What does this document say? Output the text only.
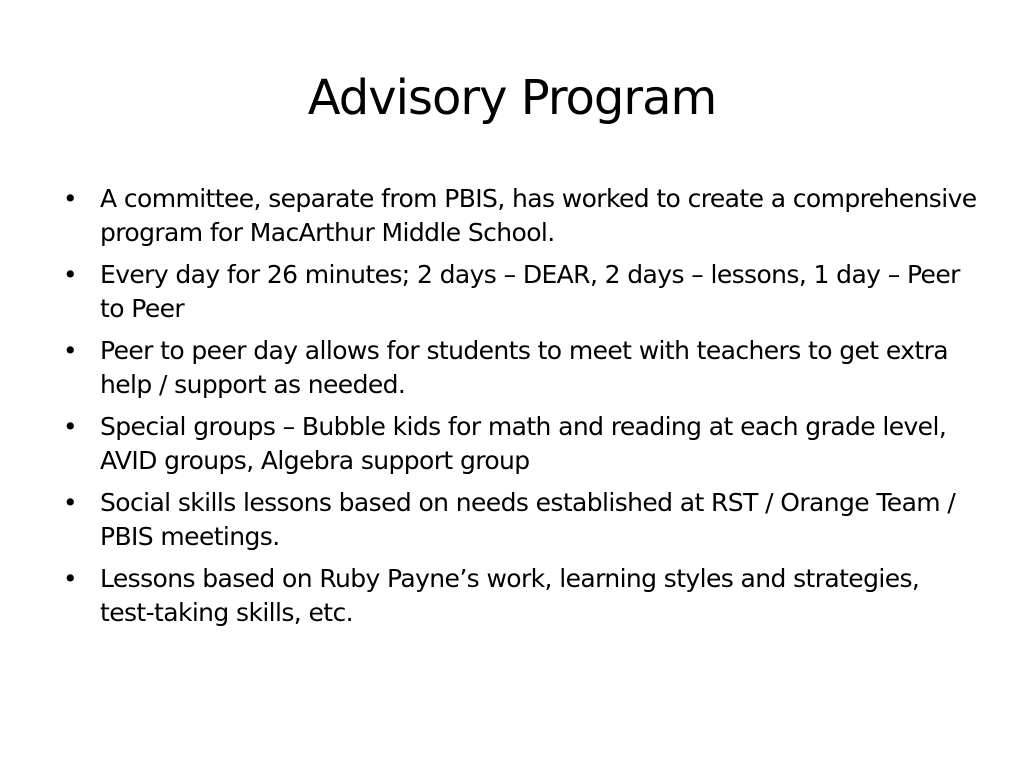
Advisory Program
• A committee, separate from PBIS, has worked to create a comprehensive program for MacArthur Middle School.
• Every day for 26 minutes; 2 days – DEAR, 2 days – lessons, 1 day – Peer to Peer
• Peer to peer day allows for students to meet with teachers to get extra help / support as needed.
• Special groups – Bubble kids for math and reading at each grade level, AVID groups, Algebra support group
• Social skills lessons based on needs established at RST / Orange Team / PBIS meetings.
• Lessons based on Ruby Payne’s work, learning styles and strategies, test-taking skills, etc.
